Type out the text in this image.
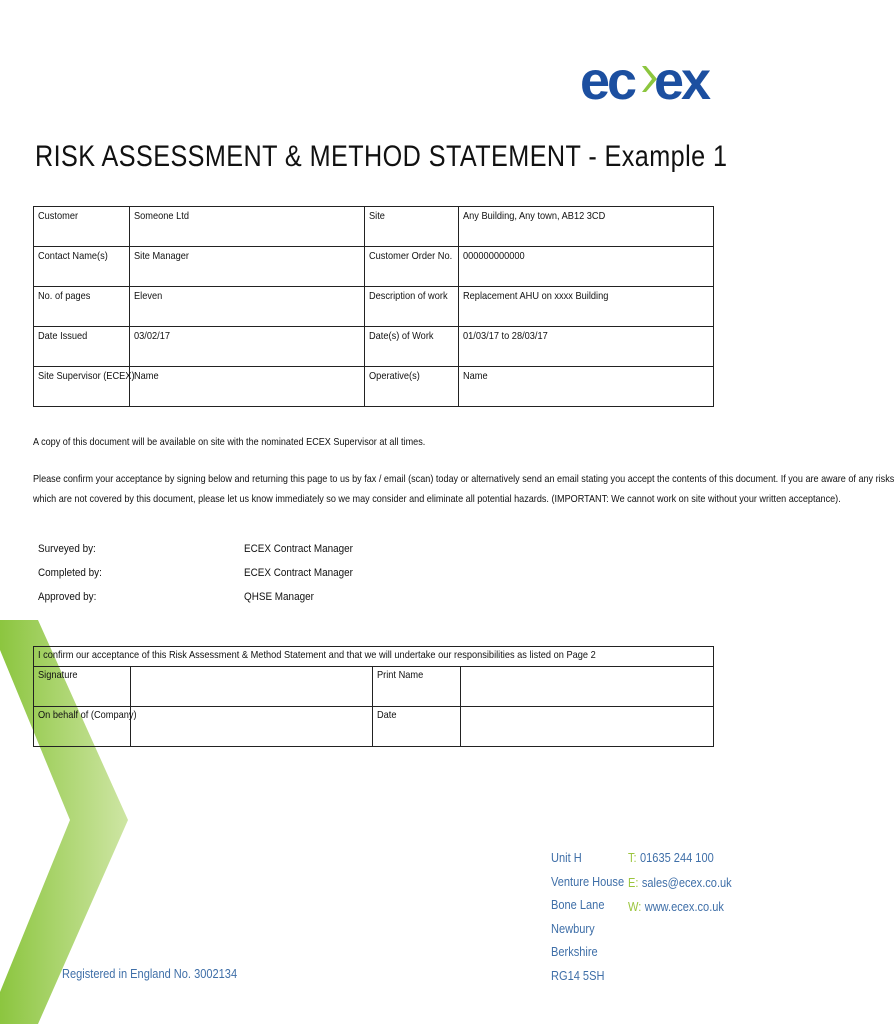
ec ex
RISK ASSESSMENT & METHOD STATEMENT - Example 1
Customer	Someone Ltd	Site	Any Building, Any town, AB12 3CD
Contact Name(s)	Site Manager	Customer Order No.	000000000000
No. of pages	Eleven	Description of work	Replacement AHU on xxxx Building
Date Issued	03/02/17	Date(s) of Work	01/03/17 to 28/03/17
Site Supervisor (ECEX)	Name	Operative(s)	Name
A copy of this document will be available on site with the nominated ECEX Supervisor at all times.
Please confirm your acceptance by signing below and returning this page to us by fax / email (scan) today or alternatively send an email stating you accept the contents of this document. If you are aware of any risks
which are not covered by this document, please let us know immediately so we may consider and eliminate all potential hazards. (IMPORTANT: We cannot work on site without your written acceptance).
Surveyed by:	ECEX Contract Manager
Completed by:	ECEX Contract Manager
Approved by:	QHSE Manager
I confirm our acceptance of this Risk Assessment & Method Statement and that we will undertake our responsibilities as listed on Page 2			
Signature		Print Name	
On behalf of (Company)		Date	
Unit H
Venture House
Bone Lane
Newbury
Berkshire
RG14 5SH
T: 01635 244 100
E: sales@ecex.co.uk
W: www.ecex.co.uk
Registered in England No. 3002134
